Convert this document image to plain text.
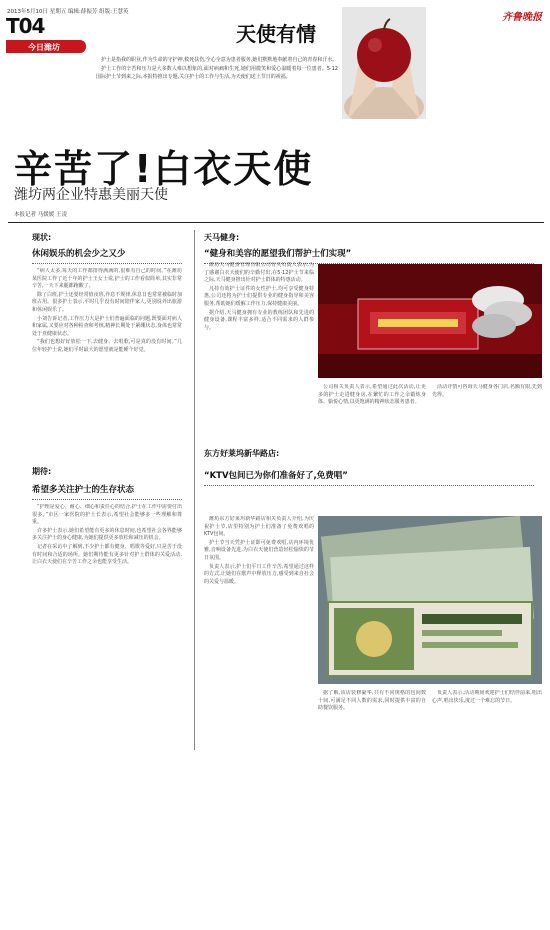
2013年5月10日 星期五 编辑:薛振芳 组版:王慧英
T04
今日潍坊
齐鲁晚报
天使有情

护士是指我的职业,作为生命的守护神,救死扶伤,全心全意为患者服务,她们默默地奉献着自己的青春和汗水。

护士工作的辛苦和压力是大多数人难以想象的,面对病痛和生死,她们用微笑和爱心温暖着每一位患者。5·12国际护士节到来之际,本报特推出专题,关注护士的工作与生活,为天使们送上节日的祝福。

辛苦了!白衣天使
潍坊两企业特惠美丽天使
本报记者 马媛媛 王凌
现状:
休闲娱乐的机会少之又少

“病人太多,每天的工作都排得满满的,很难有自己的时间。”在潍坊某医院工作了近十年的护士王女士说,护士的工作看似简单,其实非常辛苦,一天下来腿都跑酸了。

除了白班,护士还要经常值夜班,作息不规律,休息日也常常被临时加班占用。很多护士表示,平时几乎没有时间陪伴家人,更别说外出旅游和休闲娱乐了。

小刘告诉记者,工作压力大是护士们普遍面临的问题,既要面对病人和家属,又要应对各种检查和考核,精神长期处于紧绷状态,身体也常常处于亚健康状态。

“我们也想好好放松一下,去健身、去唱歌,可是真的没有时间。”几位年轻护士说,她们平时最大的愿望就是能睡个好觉。

期待:
希望多关注护士的生存状态

“护理是爱心、耐心、细心和责任心的结合,护士在工作中需要付出很多。”市区一家医院的护士长表示,希望社会能够多一些理解和尊重。

许多护士表示,她们希望能有更多的休息时间,也希望社会各界能够多关注护士的身心健康,为她们提供更多放松和减压的机会。

记者在采访中了解到,不少护士都有健身、唱歌等爱好,只是苦于没有时间和合适的场所。她们期待能有更多针对护士群体的关爱活动,让白衣天使们在辛苦工作之余也能享受生活。

天马健身:
“健身和美容的愿望我们帮护士们实现”

潍坊天马健身管理有限公司有关负责人表示,为了感谢白衣天使们的辛勤付出,在5·12护士节来临之际,天马健身推出针对护士群体的特惠活动。

凡持有效护士证件的女性护士,均可享受健身特惠,公司还将为护士们提供专业的健身指导和美容服务,帮助她们缓解工作压力,保持健康美丽。

据介绍,天马健身拥有专业的教练团队和先进的健身设备,课程丰富多样,适合不同需求的人群参与。

公司相关负责人表示,希望通过此次活动,让更多的护士走进健身房,在繁忙的工作之余锻炼身体、愉悦心情,以更饱满的精神状态服务患者。

活动详情可咨询天马健身各门店,名额有限,先到先得。

东方好莱坞新华路店:
“KTV包间已为你们准备好了,免费唱”

潍坊东方好莱坞新华路店相关负责人介绍,为庆祝护士节,店里特别为护士们准备了免费欢唱的KTV包间。

护士节当天凭护士证即可免费欢唱,店内环境优雅,音响设备先进,为白衣天使们营造轻松愉快的节日氛围。

负责人表示,护士们平日工作辛苦,希望通过这样的方式,让她们在歌声中释放压力,感受到来自社会的关爱与温暖。

据了解,该店装修豪华,共有不同规格的包间数十间,可满足不同人数的需求,同时提供丰富的自助餐饮服务。

负责人表示,活动期间欢迎护士们结伴前来,唱出心声,唱出快乐,度过一个难忘的节日。
